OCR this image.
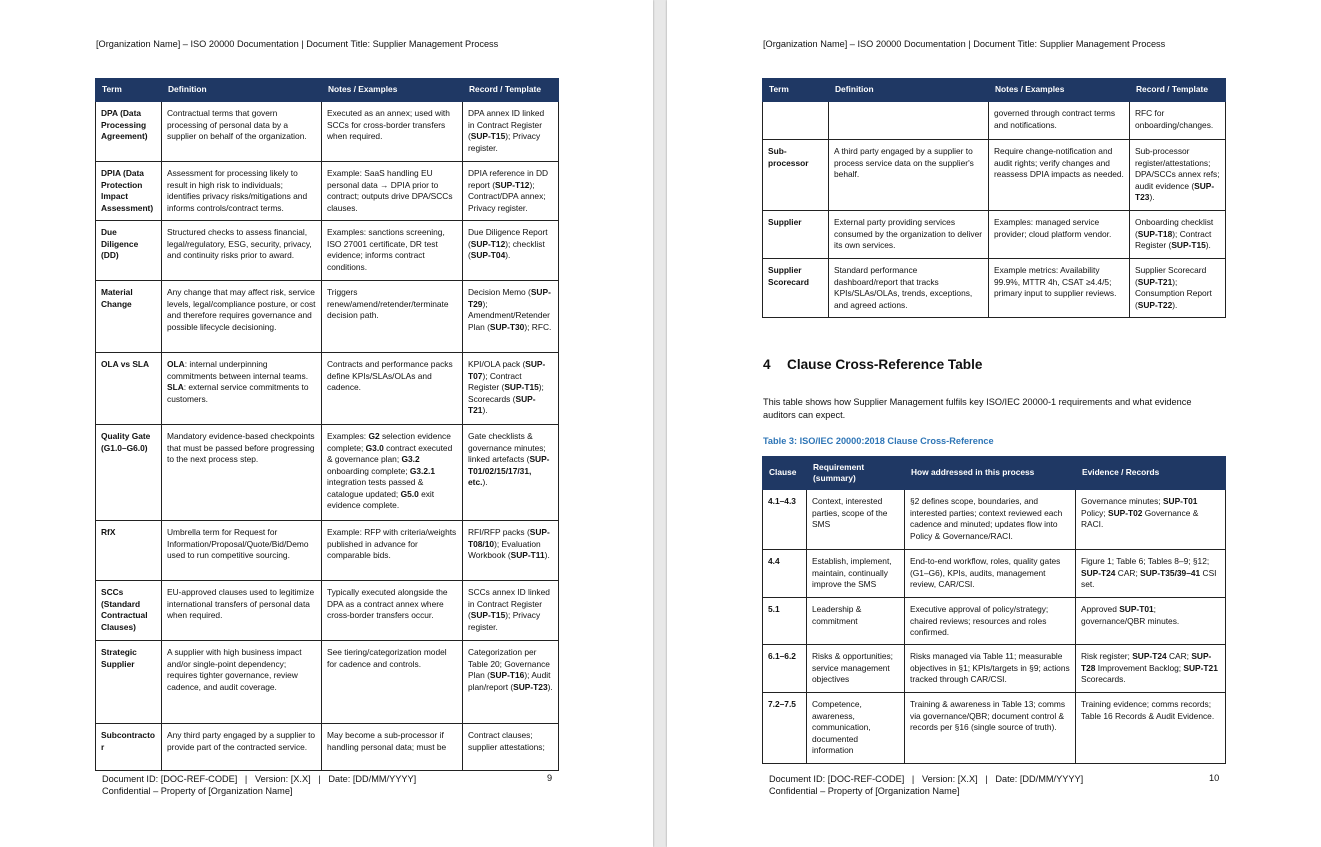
[Organization Name] – ISO 20000 Documentation | Document Title: Supplier Management Process
Term	Definition	Notes / Examples	Record / Template
DPA (Data Processing Agreement)	Contractual terms that govern processing of personal data by a supplier on behalf of the organization.	Executed as an annex; used with SCCs for cross-border transfers when required.	DPA annex ID linked in Contract Register (SUP-T15); Privacy register.
DPIA (Data Protection Impact Assessment)	Assessment for processing likely to result in high risk to individuals; identifies privacy risks/mitigations and informs controls/contract terms.	Example: SaaS handling EU personal data → DPIA prior to contract; outputs drive DPA/SCCs clauses.	DPIA reference in DD report (SUP-T12); Contract/DPA annex; Privacy register.
Due Diligence (DD)	Structured checks to assess financial, legal/regulatory, ESG, security, privacy, and continuity risks prior to award.	Examples: sanctions screening, ISO 27001 certificate, DR test evidence; informs contract conditions.	Due Diligence Report (SUP-T12); checklist (SUP-T04).
Material Change	Any change that may affect risk, service levels, legal/compliance posture, or cost and therefore requires governance and possible lifecycle decisioning.	Triggers renew/amend/retender/terminate decision path.	Decision Memo (SUP-T29); Amendment/Retender Plan (SUP-T30); RFC.
OLA vs SLA	OLA: internal underpinning commitments between internal teams. SLA: external service commitments to customers.	Contracts and performance packs define KPIs/SLAs/OLAs and cadence.	KPI/OLA pack (SUP-T07); Contract Register (SUP-T15); Scorecards (SUP-T21).
Quality Gate (G1.0–G6.0)	Mandatory evidence-based checkpoints that must be passed before progressing to the next process step.	Examples: G2 selection evidence complete; G3.0 contract executed & governance plan; G3.2 onboarding complete; G3.2.1 integration tests passed & catalogue updated; G5.0 exit evidence complete.	Gate checklists & governance minutes; linked artefacts (SUP-T01/02/15/17/31, etc.).
RfX	Umbrella term for Request for Information/Proposal/Quote/Bid/Demo used to run competitive sourcing.	Example: RFP with criteria/weights published in advance for comparable bids.	RFI/RFP packs (SUP-T08/10); Evaluation Workbook (SUP-T11).
SCCs (Standard Contractual Clauses)	EU-approved clauses used to legitimize international transfers of personal data when required.	Typically executed alongside the DPA as a contract annex where cross-border transfers occur.	SCCs annex ID linked in Contract Register (SUP-T15); Privacy register.
Strategic Supplier	A supplier with high business impact and/or single-point dependency; requires tighter governance, review cadence, and audit coverage.	See tiering/categorization model for cadence and controls.	Categorization per Table 20; Governance Plan (SUP-T16); Audit plan/report (SUP-T23).
Subcontractor	Any third party engaged by a supplier to provide part of the contracted service.	May become a sub-processor if handling personal data; must be	Contract clauses; supplier attestations;
Document ID: [DOC-REF-CODE]   |   Version: [X.X]   |   Date: [DD/MM/YYYY]
Confidential – Property of [Organization Name]
9
[Organization Name] – ISO 20000 Documentation | Document Title: Supplier Management Process
Term	Definition	Notes / Examples	Record / Template
		governed through contract terms and notifications.	RFC for onboarding/changes.
Sub-processor	A third party engaged by a supplier to process service data on the supplier's behalf.	Require change-notification and audit rights; verify changes and reassess DPIA impacts as needed.	Sub-processor register/attestations; DPA/SCCs annex refs; audit evidence (SUP-T23).
Supplier	External party providing services consumed by the organization to deliver its own services.	Examples: managed service provider; cloud platform vendor.	Onboarding checklist (SUP-T18); Contract Register (SUP-T15).
Supplier Scorecard	Standard performance dashboard/report that tracks KPIs/SLAs/OLAs, trends, exceptions, and agreed actions.	Example metrics: Availability 99.9%, MTTR 4h, CSAT ≥4.4/5; primary input to supplier reviews.	Supplier Scorecard (SUP-T21); Consumption Report (SUP-T22).
Document ID: [DOC-REF-CODE]   |   Version: [X.X]   |   Date: [DD/MM/YYYY]
Confidential – Property of [Organization Name]
10
4 Clause Cross-Reference Table
This table shows how Supplier Management fulfils key ISO/IEC 20000-1 requirements and what evidence auditors can expect.
Table 3: ISO/IEC 20000:2018 Clause Cross-Reference
Clause	Requirement (summary)	How addressed in this process	Evidence / Records
4.1–4.3	Context, interested parties, scope of the SMS	§2 defines scope, boundaries, and interested parties; context reviewed each cadence and minuted; updates flow into Policy & Governance/RACI.	Governance minutes; SUP-T01 Policy; SUP-T02 Governance & RACI.
4.4	Establish, implement, maintain, continually improve the SMS	End-to-end workflow, roles, quality gates (G1–G6), KPIs, audits, management review, CAR/CSI.	Figure 1; Table 6; Tables 8–9; §12; SUP-T24 CAR; SUP-T35/39–41 CSI set.
5.1	Leadership & commitment	Executive approval of policy/strategy; chaired reviews; resources and roles confirmed.	Approved SUP-T01; governance/QBR minutes.
6.1–6.2	Risks & opportunities; service management objectives	Risks managed via Table 11; measurable objectives in §1; KPIs/targets in §9; actions tracked through CAR/CSI.	Risk register; SUP-T24 CAR; SUP-T28 Improvement Backlog; SUP-T21 Scorecards.
7.2–7.5	Competence, awareness, communication, documented information	Training & awareness in Table 13; comms via governance/QBR; document control & records per §16 (single source of truth).	Training evidence; comms records; Table 16 Records & Audit Evidence.
